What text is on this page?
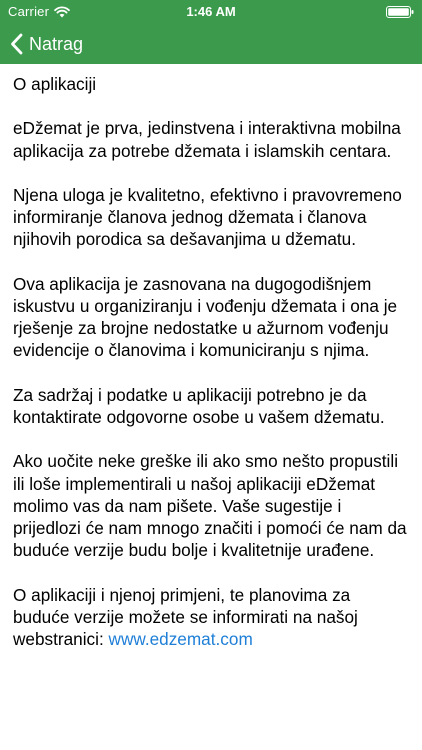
Carrier	1:46 AM
Natrag
O aplikaciji
eDžemat je prva, jedinstvena i interaktivna mobilna aplikacija za potrebe džemata i islamskih centara.
Njena uloga je kvalitetno, efektivno i pravovremeno informiranje članova jednog džemata i članova njihovih porodica sa dešavanjima u džematu.
Ova aplikacija je zasnovana na dugogodišnjem iskustvu u organiziranju i vođenju džemata i ona je rješenje za brojne nedostatke u ažurnom vođenju evidencije o članovima i komuniciranju s njima.
Za sadržaj i podatke u aplikaciji potrebno je da kontaktirate odgovorne osobe u vašem džematu.
Ako uočite neke greške ili ako smo nešto propustili ili loše implementirali u našoj aplikaciji eDžemat molimo vas da nam pišete. Vaše sugestije i prijedlozi će nam mnogo značiti i pomoći će nam da buduće verzije budu bolje i kvalitetnije urađene.
O aplikaciji i njenoj primjeni, te planovima za buduće verzije možete se informirati na našoj webstranici: www.edzemat.com
